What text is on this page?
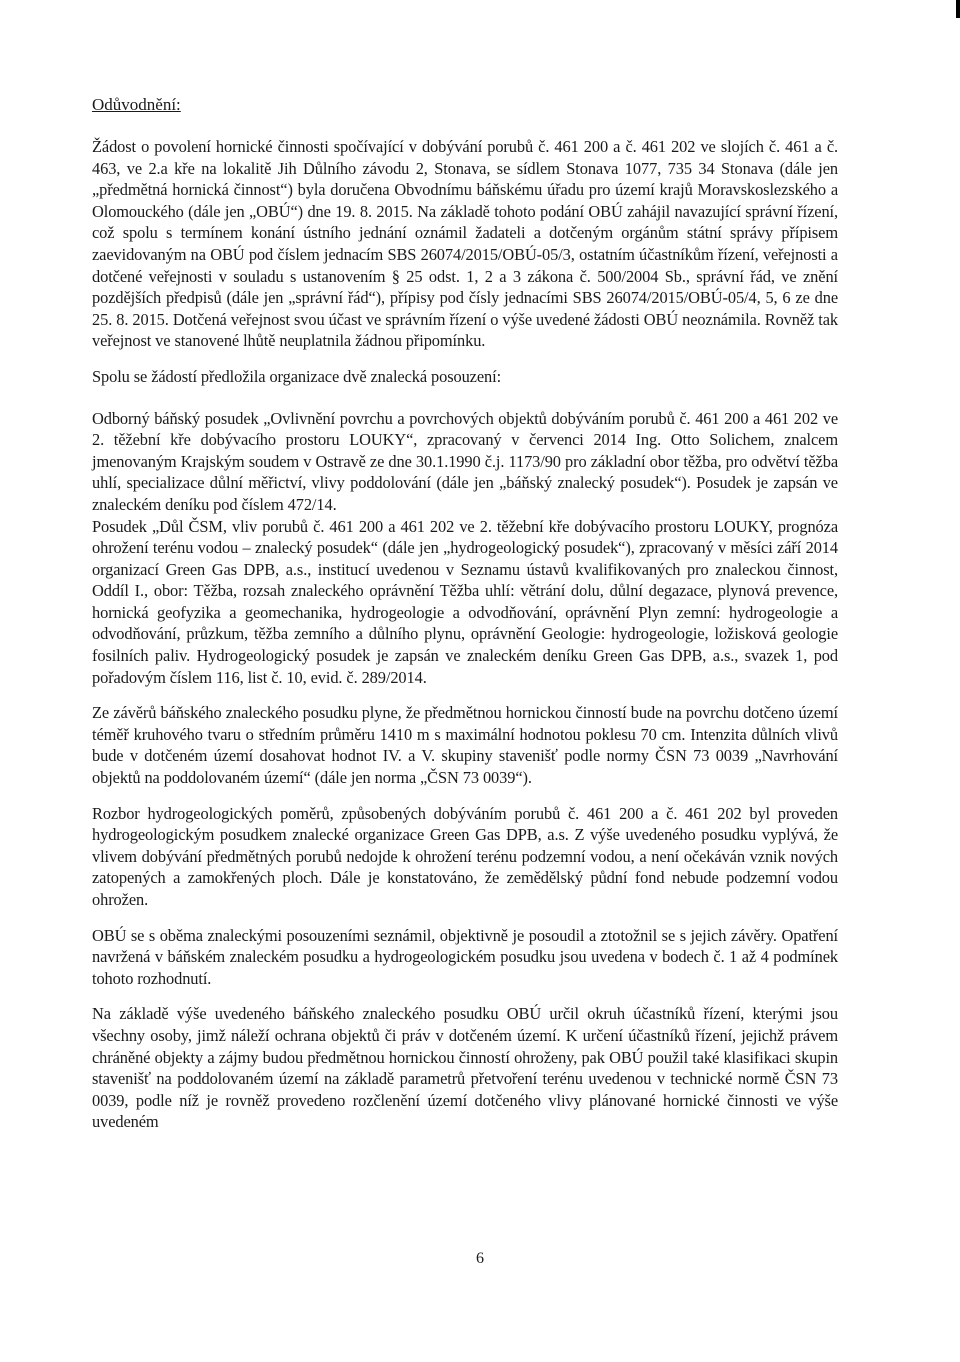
Odůvodnění:

Žádost o povolení hornické činnosti spočívající v dobývání porubů č. 461 200 a č. 461 202 ve slojích č. 461 a č. 463, ve 2.a kře na lokalitě Jih Důlního závodu 2, Stonava, se sídlem Stonava 1077, 735 34 Stonava (dále jen „předmětná hornická činnost“) byla doručena Obvodnímu báňskému úřadu pro území krajů Moravskoslezského a Olomouckého (dále jen „OBÚ“) dne 19. 8. 2015. Na základě tohoto podání OBÚ zahájil navazující správní řízení, což spolu s termínem konání ústního jednání oznámil žadateli a dotčeným orgánům státní správy přípisem zaevidovaným na OBÚ pod číslem jednacím SBS 26074/2015/OBÚ-05/3, ostatním účastníkům řízení, veřejnosti a dotčené veřejnosti v souladu s ustanovením § 25 odst. 1, 2 a 3 zákona č. 500/2004 Sb., správní řád, ve znění pozdějších předpisů (dále jen „správní řád“), přípisy pod čísly jednacími SBS 26074/2015/OBÚ-05/4, 5, 6 ze dne 25. 8. 2015. Dotčená veřejnost svou účast ve správním řízení o výše uvedené žádosti OBÚ neoznámila. Rovněž tak veřejnost ve stanovené lhůtě neuplatnila žádnou připomínku.

Spolu se žádostí předložila organizace dvě znalecká posouzení:

Odborný báňský posudek „Ovlivnění povrchu a povrchových objektů dobýváním porubů č. 461 200 a 461 202 ve 2. těžební kře dobývacího prostoru LOUKY“, zpracovaný v červenci 2014 Ing. Otto Solichem, znalcem jmenovaným Krajským soudem v Ostravě ze dne 30.1.1990 č.j. 1173/90 pro základní obor těžba, pro odvětví těžba uhlí, specializace důlní měřictví, vlivy poddolování (dále jen „báňský znalecký posudek“). Posudek je zapsán ve znaleckém deníku pod číslem 472/14.

Posudek „Důl ČSM, vliv porubů č. 461 200 a 461 202 ve 2. těžební kře dobývacího prostoru LOUKY, prognóza ohrožení terénu vodou – znalecký posudek“ (dále jen „hydrogeologický posudek“), zpracovaný v měsíci září 2014 organizací Green Gas DPB, a.s., institucí uvedenou v Seznamu ústavů kvalifikovaných pro znaleckou činnost, Oddíl I., obor: Těžba, rozsah znaleckého oprávnění Těžba uhlí: větrání dolu, důlní degazace, plynová prevence, hornická geofyzika a geomechanika, hydrogeologie a odvodňování, oprávnění Plyn zemní: hydrogeologie a odvodňování, průzkum, těžba zemního a důlního plynu, oprávnění Geologie: hydrogeologie, ložisková geologie fosilních paliv. Hydrogeologický posudek je zapsán ve znaleckém deníku Green Gas DPB, a.s., svazek 1, pod pořadovým číslem 116, list č. 10, evid. č. 289/2014.

Ze závěrů báňského znaleckého posudku plyne, že předmětnou hornickou činností bude na povrchu dotčeno území téměř kruhového tvaru o středním průměru 1410 m s maximální hodnotou poklesu 70 cm. Intenzita důlních vlivů bude v dotčeném území dosahovat hodnot IV. a V. skupiny stavenišť podle normy ČSN 73 0039 „Navrhování objektů na poddolovaném území“ (dále jen norma „ČSN 73 0039“).

Rozbor hydrogeologických poměrů, způsobených dobýváním porubů č. 461 200 a č. 461 202 byl proveden hydrogeologickým posudkem znalecké organizace Green Gas DPB, a.s. Z výše uvedeného posudku vyplývá, že vlivem dobývání předmětných porubů nedojde k ohrožení terénu podzemní vodou, a není očekáván vznik nových zatopených a zamokřených ploch. Dále je konstatováno, že zemědělský půdní fond nebude podzemní vodou ohrožen.

OBÚ se s oběma znaleckými posouzeními seznámil, objektivně je posoudil a ztotožnil se s jejich závěry. Opatření navržená v báňském znaleckém posudku a hydrogeologickém posudku jsou uvedena v bodech č. 1 až 4 podmínek tohoto rozhodnutí.

Na základě výše uvedeného báňského znaleckého posudku OBÚ určil okruh účastníků řízení, kterými jsou všechny osoby, jimž náleží ochrana objektů či práv v dotčeném území. K určení účastníků řízení, jejichž právem chráněné objekty a zájmy budou předmětnou hornickou činností ohroženy, pak OBÚ použil také klasifikaci skupin stavenišť na poddolovaném území na základě parametrů přetvoření terénu uvedenou v technické normě ČSN 73 0039, podle níž je rovněž provedeno rozčlenění území dotčeného vlivy plánované hornické činnosti ve výše uvedeném

6
